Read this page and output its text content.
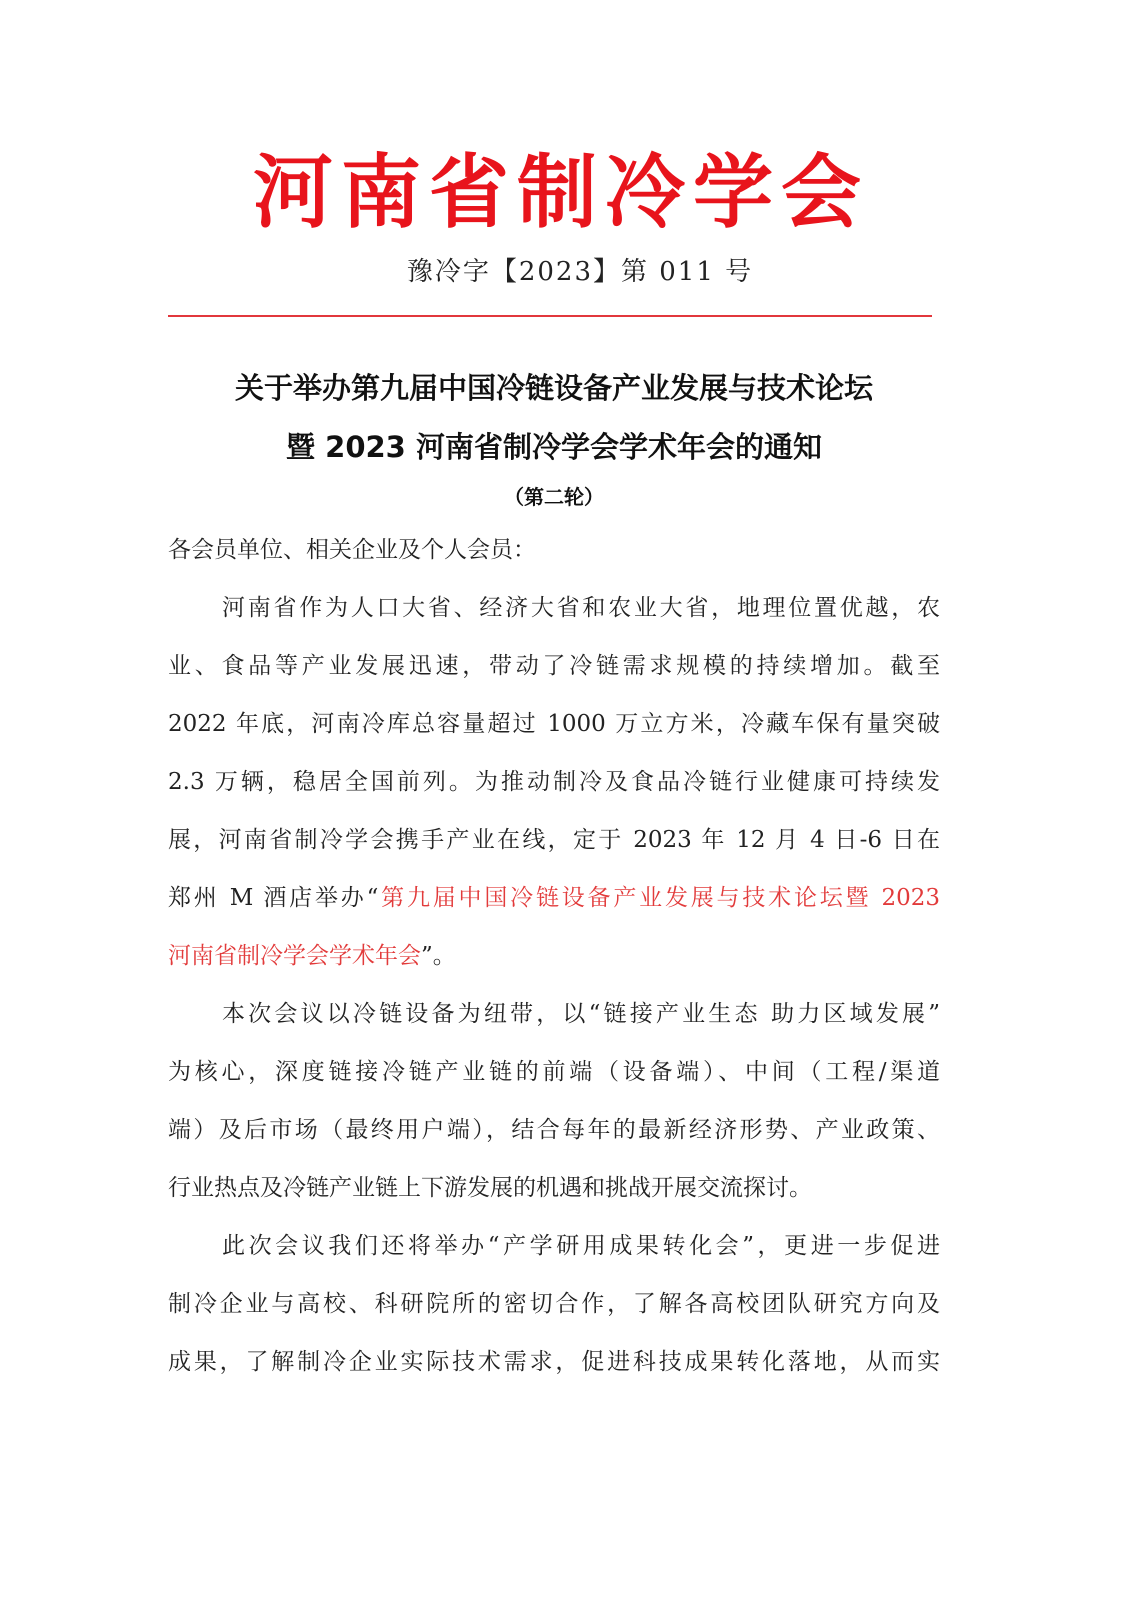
河南省制冷学会
豫冷字【2023】第 011 号
关于举办第九届中国冷链设备产业发展与技术论坛
暨 2023 河南省制冷学会学术年会的通知
（第二轮）
各会员单位、相关企业及个人会员：
河南省作为人口大省、经济大省和农业大省，地理位置优越，农
业、食品等产业发展迅速，带动了冷链需求规模的持续增加。截至
2022 年底，河南冷库总容量超过 1000 万立方米，冷藏车保有量突破
2.3 万辆，稳居全国前列。为推动制冷及食品冷链行业健康可持续发
展，河南省制冷学会携手产业在线，定于 2023 年 12 月 4 日-6 日在
郑州 M 酒店举办“第九届中国冷链设备产业发展与技术论坛暨 2023
河南省制冷学会学术年会”。
本次会议以冷链设备为纽带，以“链接产业生态 助力区域发展”
为核心，深度链接冷链产业链的前端（设备端）、中间（工程/渠道
端）及后市场（最终用户端），结合每年的最新经济形势、产业政策、
行业热点及冷链产业链上下游发展的机遇和挑战开展交流探讨。
此次会议我们还将举办“产学研用成果转化会”，更进一步促进
制冷企业与高校、科研院所的密切合作，了解各高校团队研究方向及
成果，了解制冷企业实际技术需求，促进科技成果转化落地，从而实
